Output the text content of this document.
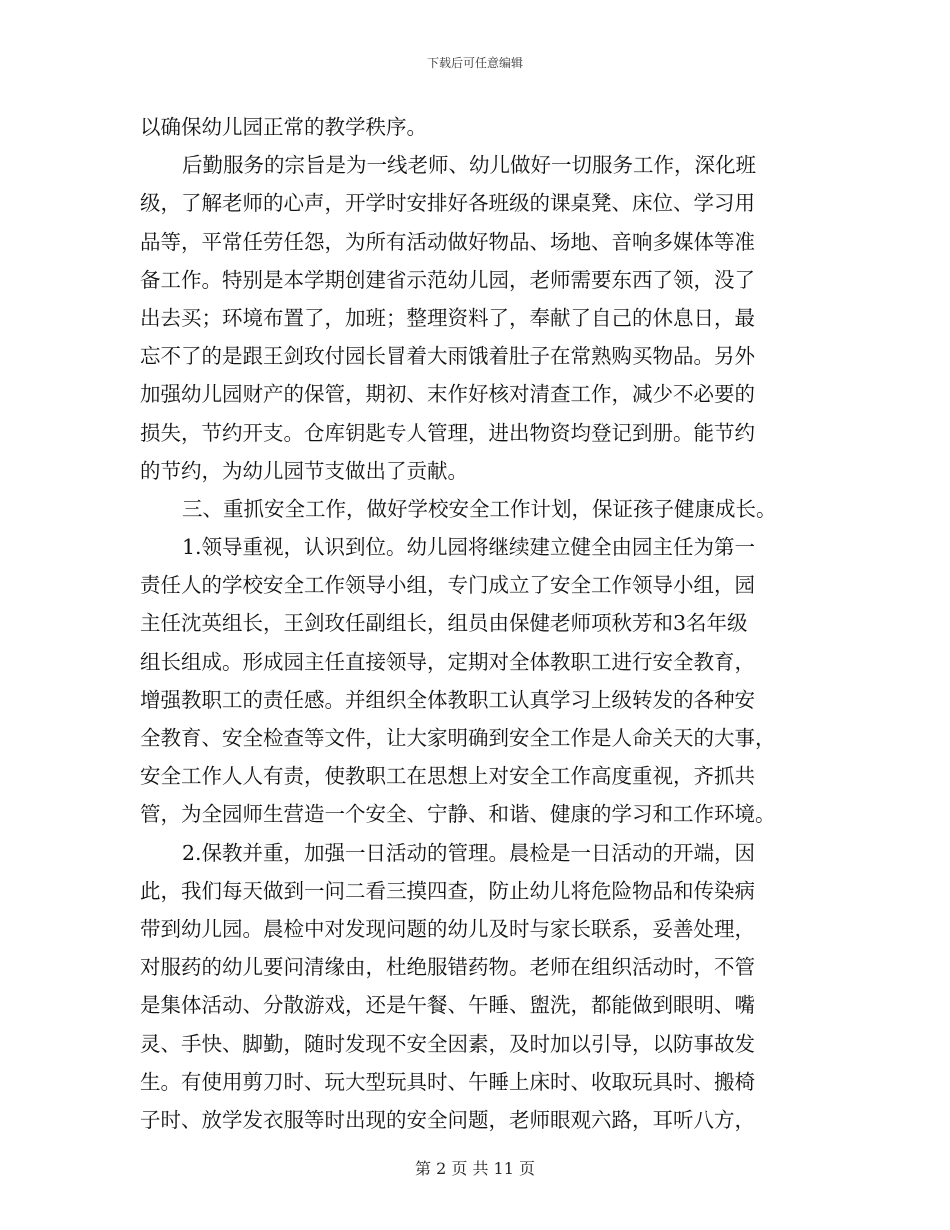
下载后可任意编辑
以确保幼儿园正常的教学秩序。
后勤服务的宗旨是为一线老师、幼儿做好一切服务工作，深化班
级，了解老师的心声，开学时安排好各班级的课桌凳、床位、学习用
品等，平常任劳任怨，为所有活动做好物品、场地、音响多媒体等准
备工作。特别是本学期创建省示范幼儿园，老师需要东西了领，没了
出去买；环境布置了，加班；整理资料了，奉献了自己的休息日，最
忘不了的是跟王剑玫付园长冒着大雨饿着肚子在常熟购买物品。另外
加强幼儿园财产的保管，期初、末作好核对清查工作，减少不必要的
损失，节约开支。仓库钥匙专人管理，进出物资均登记到册。能节约
的节约，为幼儿园节支做出了贡献。
三、重抓安全工作，做好学校安全工作计划，保证孩子健康成长。
1.领导重视，认识到位。幼儿园将继续建立健全由园主任为第一
责任人的学校安全工作领导小组，专门成立了安全工作领导小组，园
主任沈英组长，王剑玫任副组长，组员由保健老师项秋芳和3名年级
组长组成。形成园主任直接领导，定期对全体教职工进行安全教育，
增强教职工的责任感。并组织全体教职工认真学习上级转发的各种安
全教育、安全检查等文件，让大家明确到安全工作是人命关天的大事，
安全工作人人有责，使教职工在思想上对安全工作高度重视，齐抓共
管，为全园师生营造一个安全、宁静、和谐、健康的学习和工作环境。
2.保教并重，加强一日活动的管理。晨检是一日活动的开端，因
此，我们每天做到一问二看三摸四查，防止幼儿将危险物品和传染病
带到幼儿园。晨检中对发现问题的幼儿及时与家长联系，妥善处理，
对服药的幼儿要问清缘由，杜绝服错药物。老师在组织活动时，不管
是集体活动、分散游戏，还是午餐、午睡、盥洗，都能做到眼明、嘴
灵、手快、脚勤，随时发现不安全因素，及时加以引导，以防事故发
生。有使用剪刀时、玩大型玩具时、午睡上床时、收取玩具时、搬椅
子时、放学发衣服等时出现的安全问题，老师眼观六路，耳听八方，
第 2 页 共 11 页
